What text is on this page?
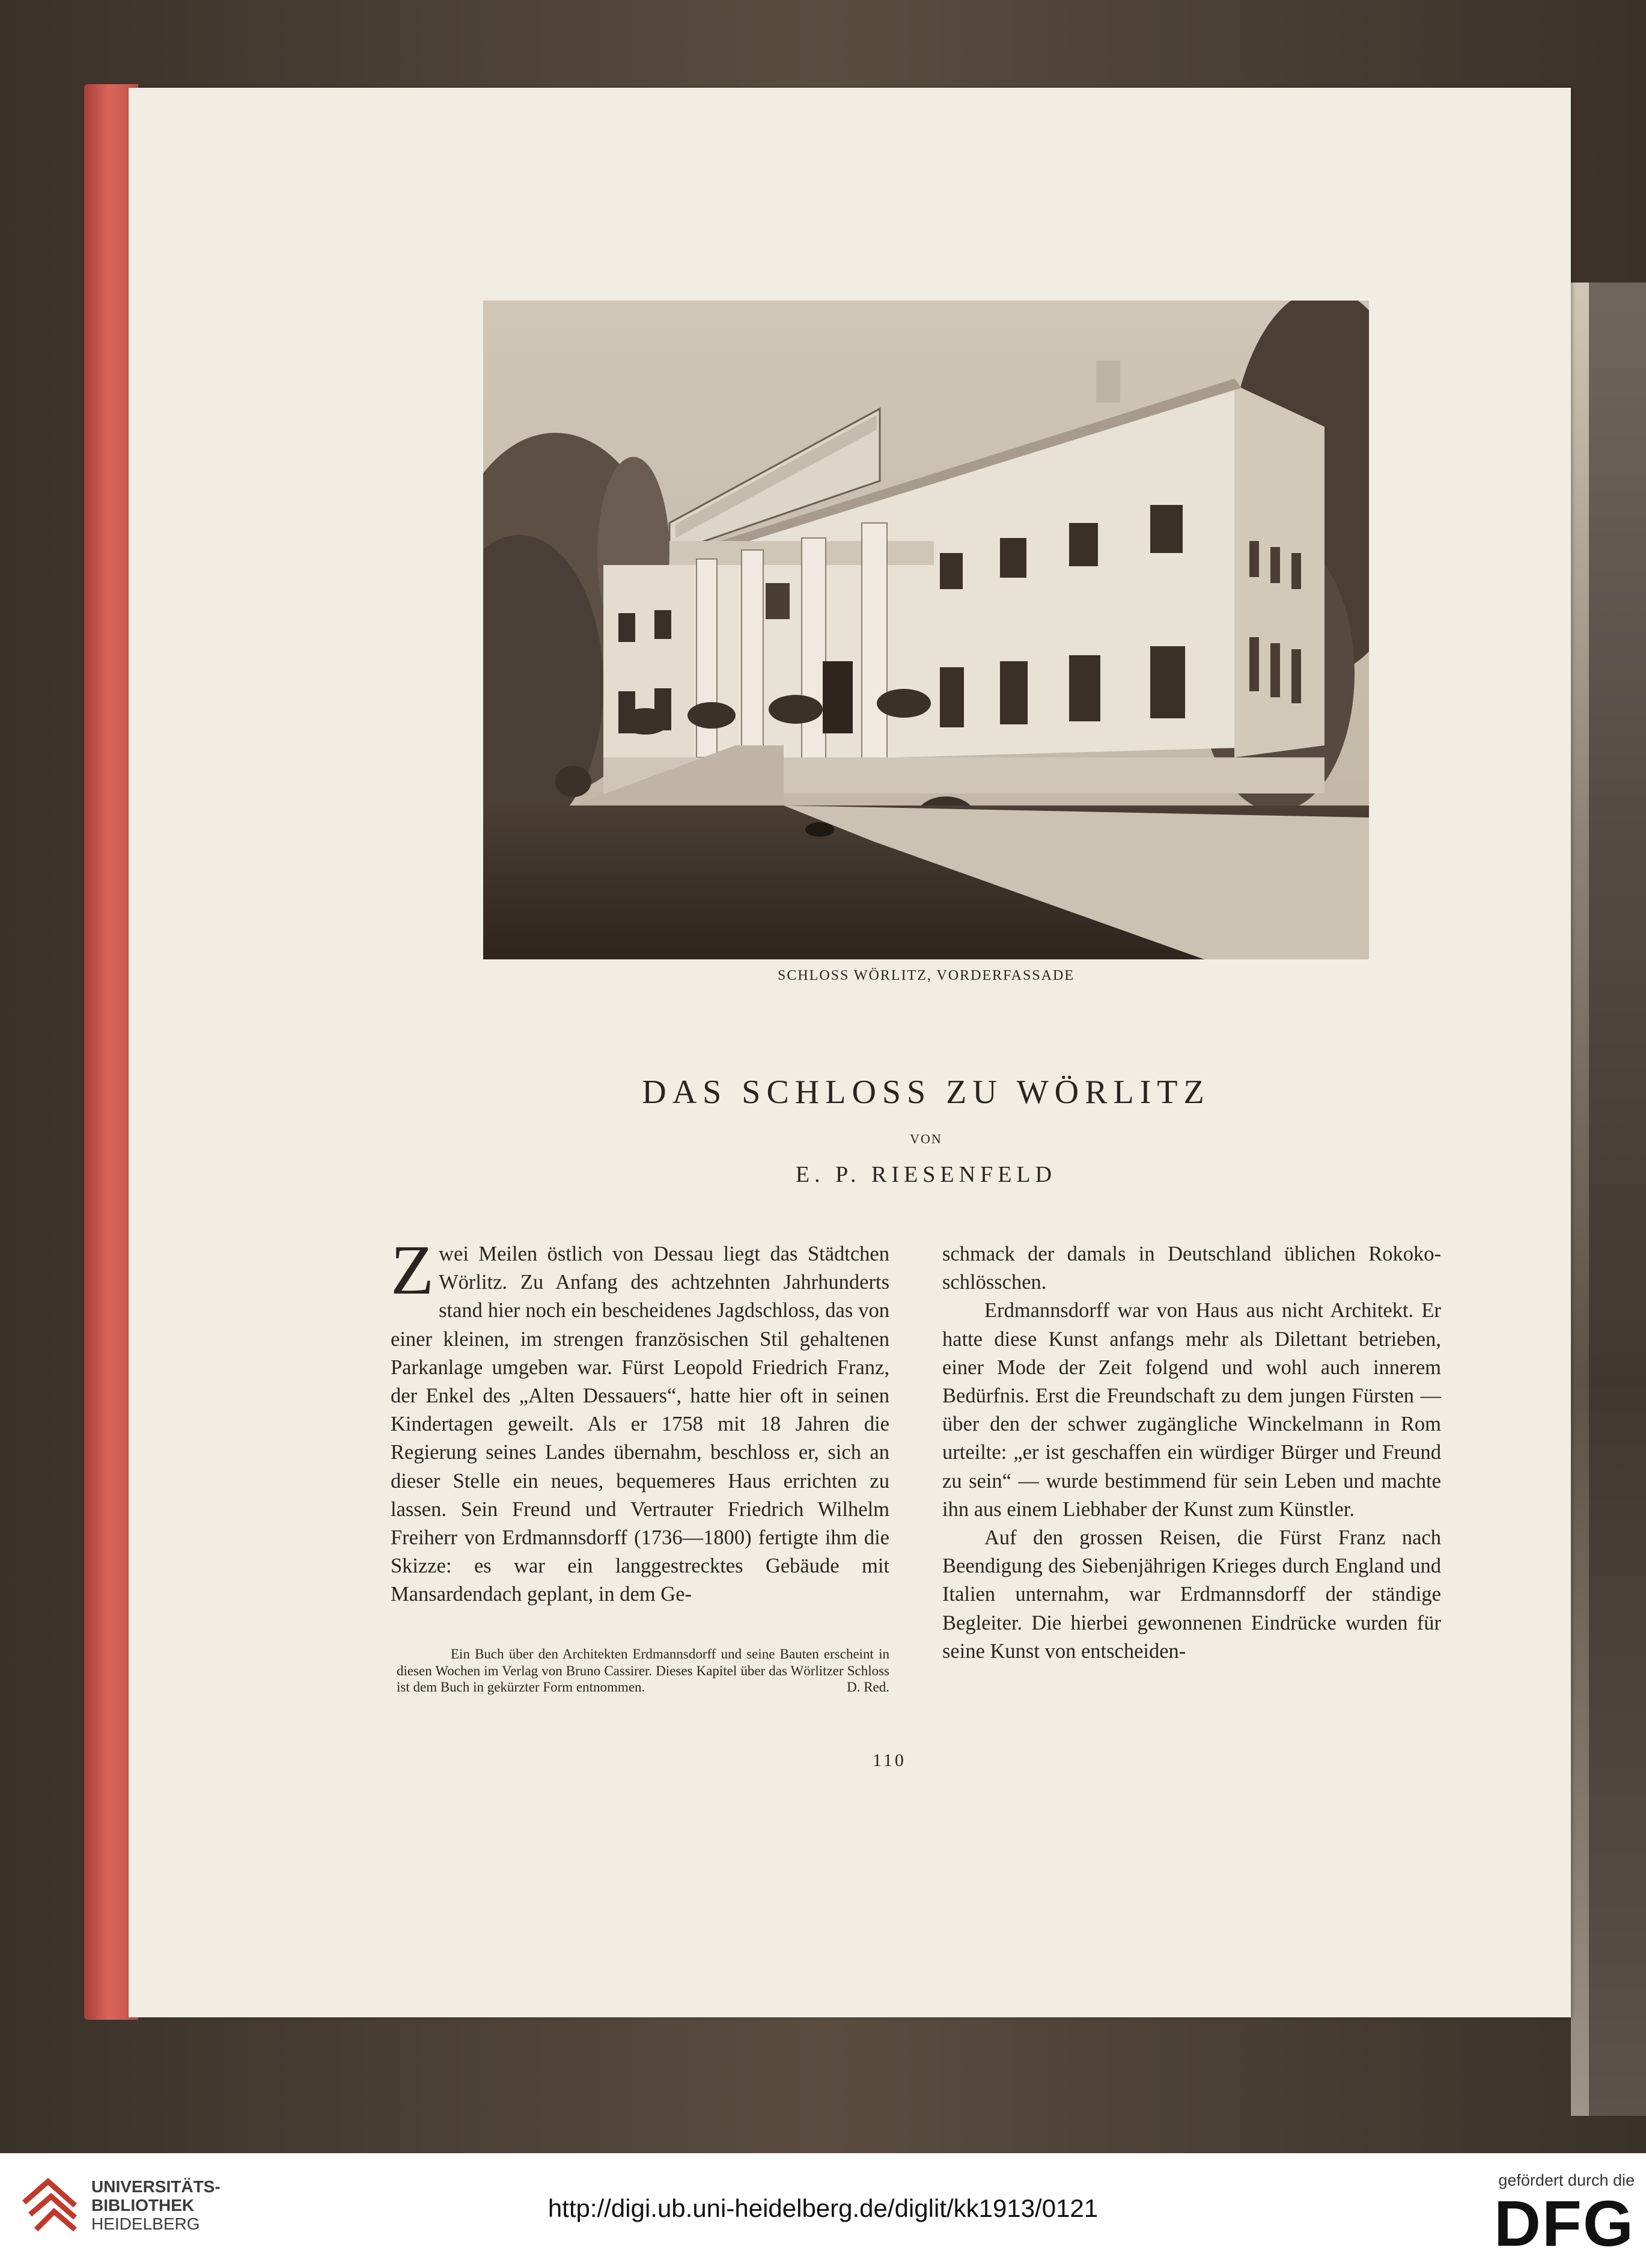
SCHLOSS WÖRLITZ, VORDERFASSADE
DAS SCHLOSS ZU WÖRLITZ
VON
E. P. RIESENFELD

Zwei Meilen östlich von Dessau liegt das Städtchen Wörlitz. Zu Anfang des achtzehnten Jahrhunderts stand hier noch ein bescheidenes Jagdschloss, das von einer kleinen, im strengen französischen Stil gehaltenen Parkanlage umgeben war. Fürst Leopold Friedrich Franz, der Enkel des „Alten Dessauers“, hatte hier oft in seinen Kindertagen geweilt. Als er 1758 mit 18 Jahren die Regierung seines Landes übernahm, beschloss er, sich an dieser Stelle ein neues, bequemeres Haus errichten zu lassen. Sein Freund und Vertrauter Friedrich Wilhelm Freiherr von Erdmannsdorff (1736—1800) fertigte ihm die Skizze: es war ein langgestrecktes Gebäude mit Mansardendach geplant, in dem Ge-

Ein Buch über den Architekten Erdmannsdorff und seine Bauten erscheint in diesen Wochen im Verlag von Bruno Cassirer. Dieses Kapitel über das Wörlitzer Schloss ist dem Buch in gekürzter Form entnommen.	D. Red.

schmack der damals in Deutschland üblichen Rokokoschlösschen.

Erdmannsdorff war von Haus aus nicht Architekt. Er hatte diese Kunst anfangs mehr als Dilettant betrieben, einer Mode der Zeit folgend und wohl auch innerem Bedürfnis. Erst die Freundschaft zu dem jungen Fürsten — über den der schwer zugängliche Winckelmann in Rom urteilte: „er ist geschaffen ein würdiger Bürger und Freund zu sein“ — wurde bestimmend für sein Leben und machte ihn aus einem Liebhaber der Kunst zum Künstler.

Auf den grossen Reisen, die Fürst Franz nach Beendigung des Siebenjährigen Krieges durch England und Italien unternahm, war Erdmannsdorff der ständige Begleiter. Die hierbei gewonnenen Eindrücke wurden für seine Kunst von entscheiden-

110
UNIVERSITÄTS-
BIBLIOTHEK
HEIDELBERG
http://digi.ub.uni-heidelberg.de/diglit/kk1913/0121
gefördert durch die
DFG
